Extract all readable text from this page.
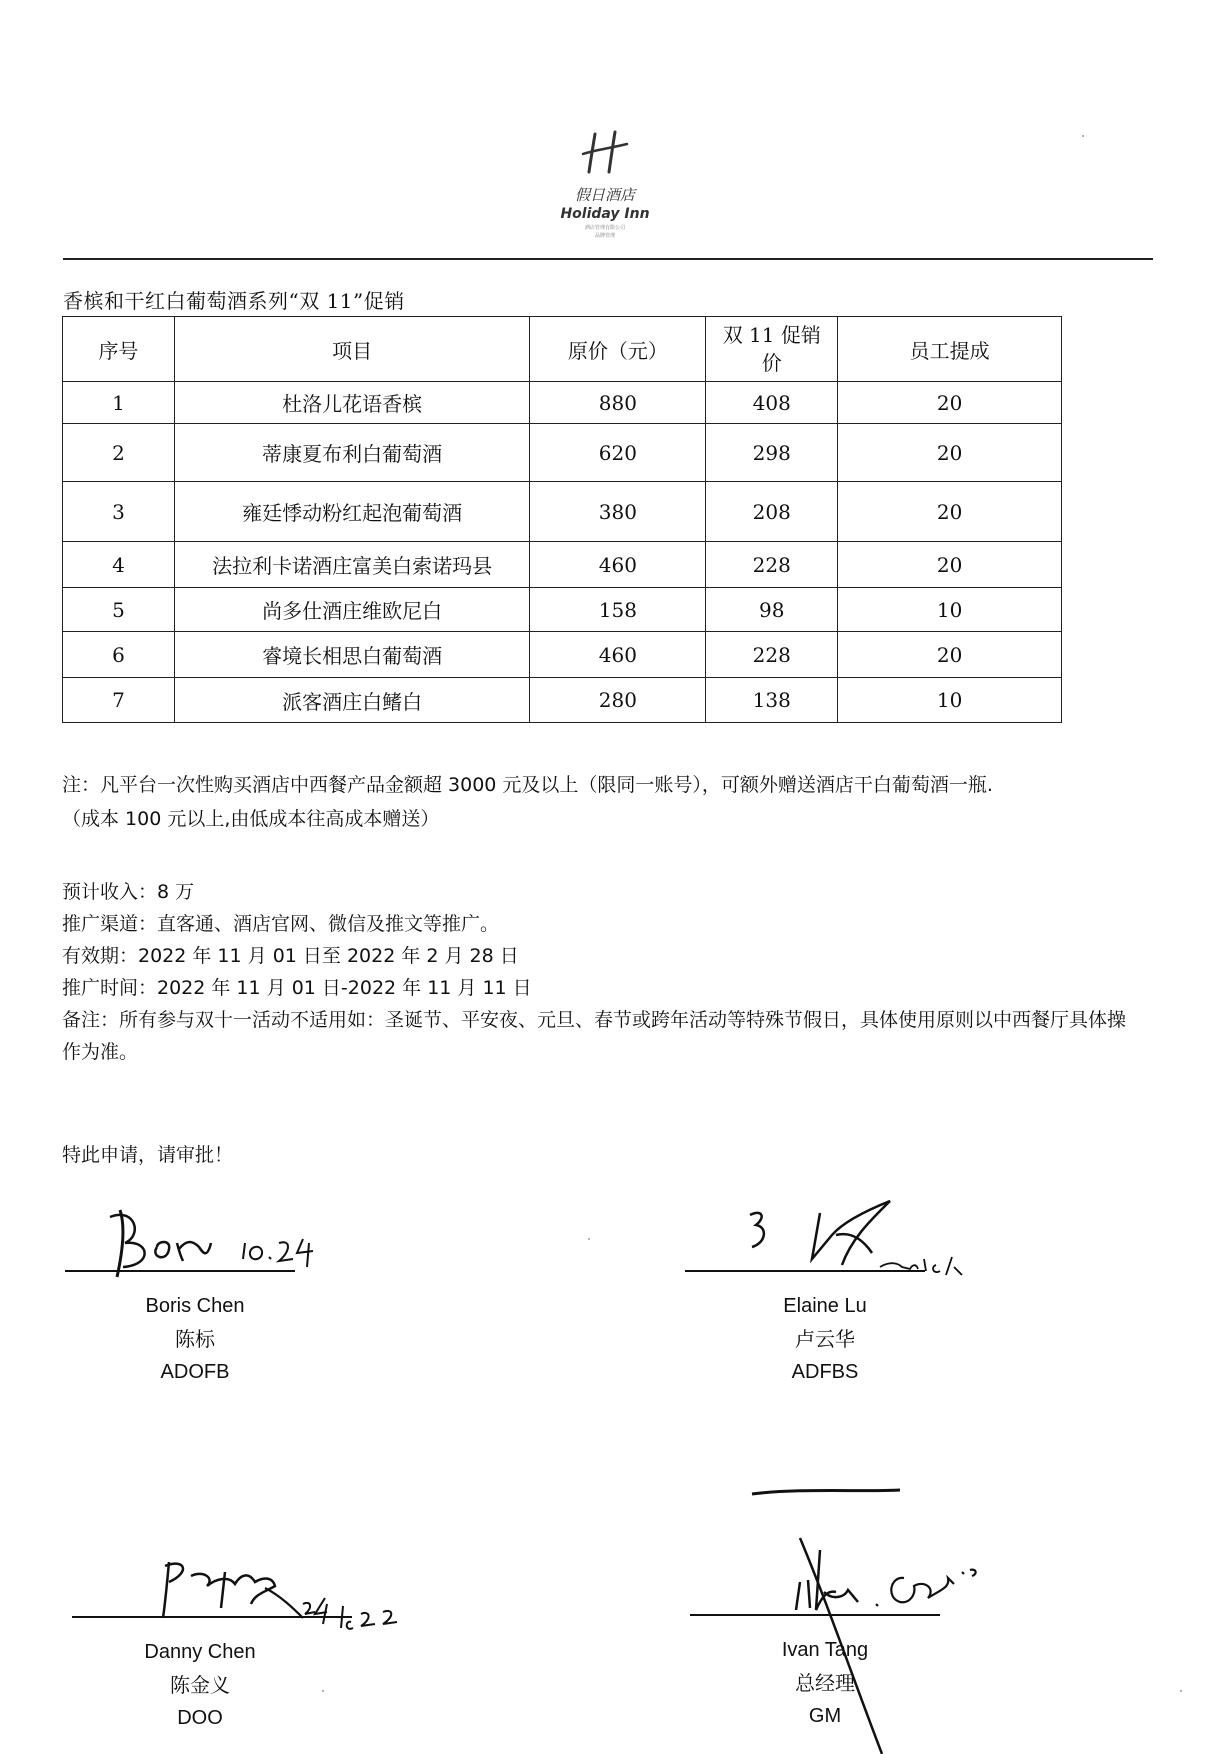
假日酒店
Holiday Inn
酒店管理有限公司
品牌管理
香槟和干红白葡萄酒系列“双 11”促销
序号	项目	原价（元）	双 11 促销价	员工提成
1	杜洛儿花语香槟	880	408	20
2	蒂康夏布利白葡萄酒	620	298	20
3	雍廷悸动粉红起泡葡萄酒	380	208	20
4	法拉利卡诺酒庄富美白索诺玛县	460	228	20
5	尚多仕酒庄维欧尼白	158	98	10
6	睿境长相思白葡萄酒	460	228	20
7	派客酒庄白鳍白	280	138	10
注：凡平台一次性购买酒店中西餐产品金额超 3000 元及以上（限同一账号），可额外赠送酒店干白葡萄酒一瓶.
（成本 100 元以上,由低成本往高成本赠送）
预计收入：8 万
推广渠道：直客通、酒店官网、微信及推文等推广。
有效期：2022 年 11 月 01 日至 2022 年 2 月 28 日
推广时间：2022 年 11 月 01 日-2022 年 11 月 11 日
备注：所有参与双十一活动不适用如：圣诞节、平安夜、元旦、春节或跨年活动等特殊节假日，具体使用原则以中西餐厅具体操作为准。
特此申请，请审批！
Boris Chen
陈标
ADOFB
Elaine Lu
卢云华
ADFBS
Danny Chen
陈金义
DOO
Ivan Tang
总经理
GM
